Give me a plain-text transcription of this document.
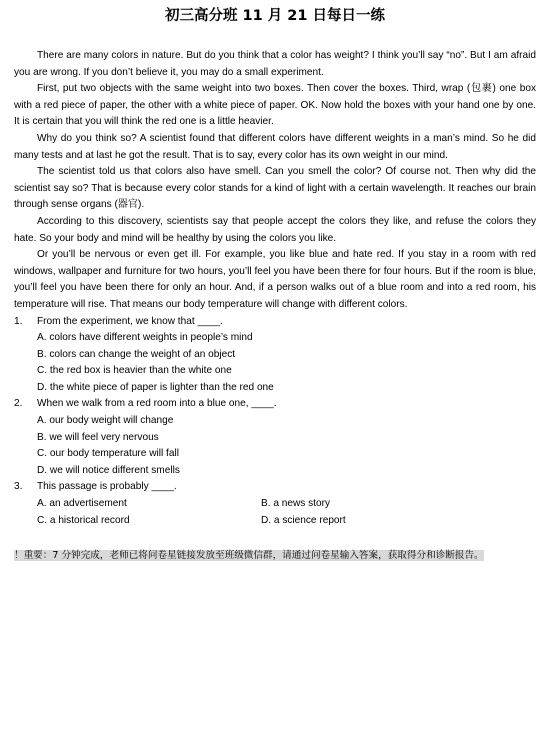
初三高分班 11 月 21 日每日一练

There are many colors in nature. But do you think that a color has weight? I think you’ll say “no”. But I am afraid you are wrong. If you don’t believe it, you may do a small experiment.

First, put two objects with the same weight into two boxes. Then cover the boxes. Third, wrap (包裹) one box with a red piece of paper, the other with a white piece of paper. OK. Now hold the boxes with your hand one by one. It is certain that you will think the red one is a little heavier.

Why do you think so? A scientist found that different colors have different weights in a man’s mind. So he did many tests and at last he got the result. That is to say, every color has its own weight in our mind.

The scientist told us that colors also have smell. Can you smell the color? Of course not. Then why did the scientist say so? That is because every color stands for a kind of light with a certain wavelength. It reaches our brain through sense organs (器官).

According to this discovery, scientists say that people accept the colors they like, and refuse the colors they hate. So your body and mind will be healthy by using the colors you like.

Or you’ll be nervous or even get ill. For example, you like blue and hate red. If you stay in a room with red windows, wallpaper and furniture for two hours, you’ll feel you have been there for four hours. But if the room is blue, you’ll feel you have been there for only an hour. And, if a person walks out of a blue room and into a red room, his temperature will rise. That means our body temperature will change with different colors.

1.	From the experiment, we know that ____.
A. colors have different weights in people’s mind
B. colors can change the weight of an object
C. the red box is heavier than the white one
D. the white piece of paper is lighter than the red one
2.	When we walk from a red room into a blue one, ____.
A. our body weight will change
B. we will feel very nervous
C. our body temperature will fall
D. we will notice different smells
3.	This passage is probably ____.
A. an advertisement	B. a news story
C. a historical record	D. a science report
！重要：7 分钟完成，老师已将问卷星链接发放至班级微信群，请通过问卷星输入答案，获取得分和诊断报告。
